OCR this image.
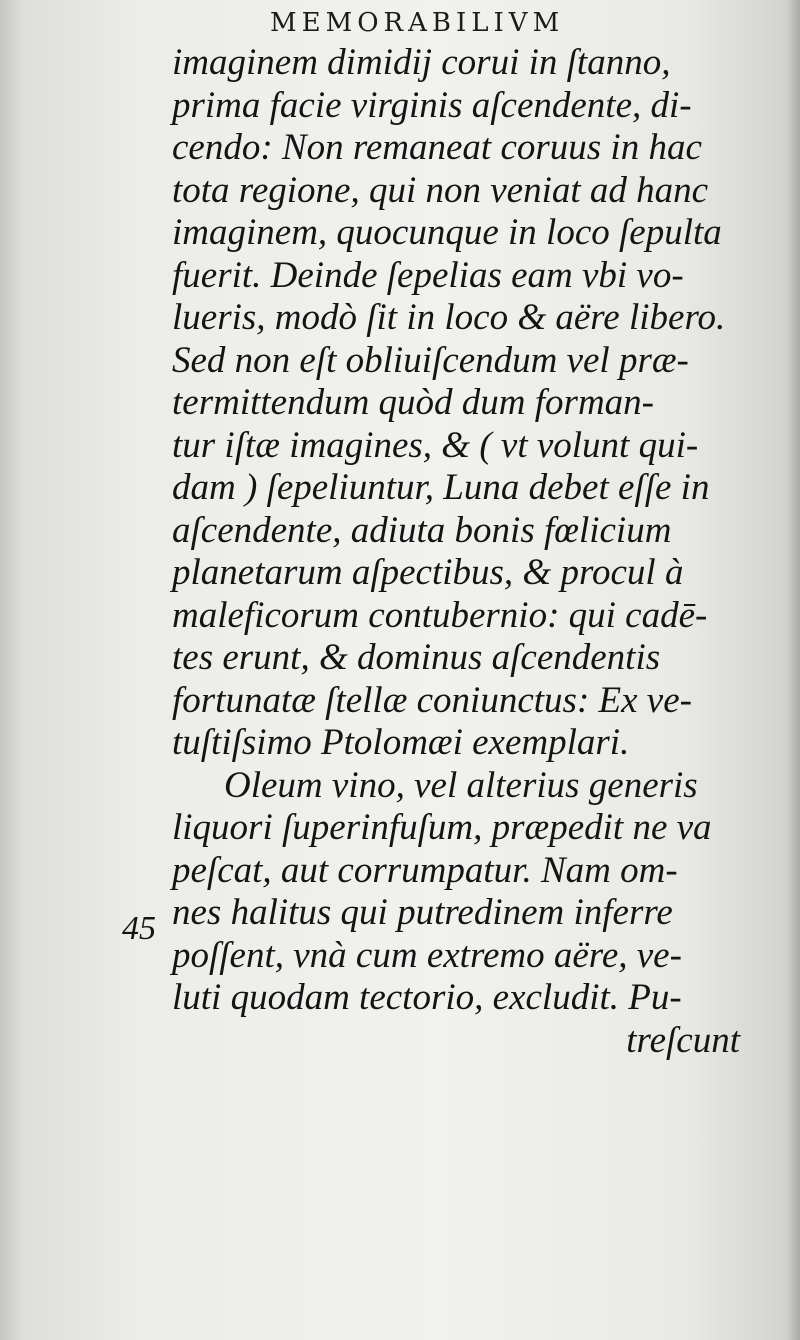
MEMORABILIVM
45
imaginem dimidij corui in ſtanno,
prima facie virginis aſcendente, di-
cendo: Non remaneat coruus in hac
tota regione, qui non veniat ad hanc
imaginem, quocunque in loco ſepulta
fuerit. Deinde ſepelias eam vbi vo-
lueris, modò ſit in loco & aëre libero.
Sed non eſt obliuiſcendum vel præ-
termittendum quòd dum forman-
tur iſtæ imagines, & ( vt volunt qui-
dam ) ſepeliuntur, Luna debet eſſe in
aſcendente, adiuta bonis fœlicium
planetarum aſpectibus, & procul à
maleficorum contubernio: qui cadē-
tes erunt, & dominus aſcendentis
fortunatæ ſtellæ coniunctus: Ex ve-
tuſtiſsimo Ptolomæi exemplari.
Oleum vino, vel alterius generis
liquori ſuperinfuſum, præpedit ne va
peſcat, aut corrumpatur. Nam om-
nes halitus qui putredinem inferre
poſſent, vnà cum extremo aëre, ve-
luti quodam tectorio, excludit. Pu-
treſcunt
